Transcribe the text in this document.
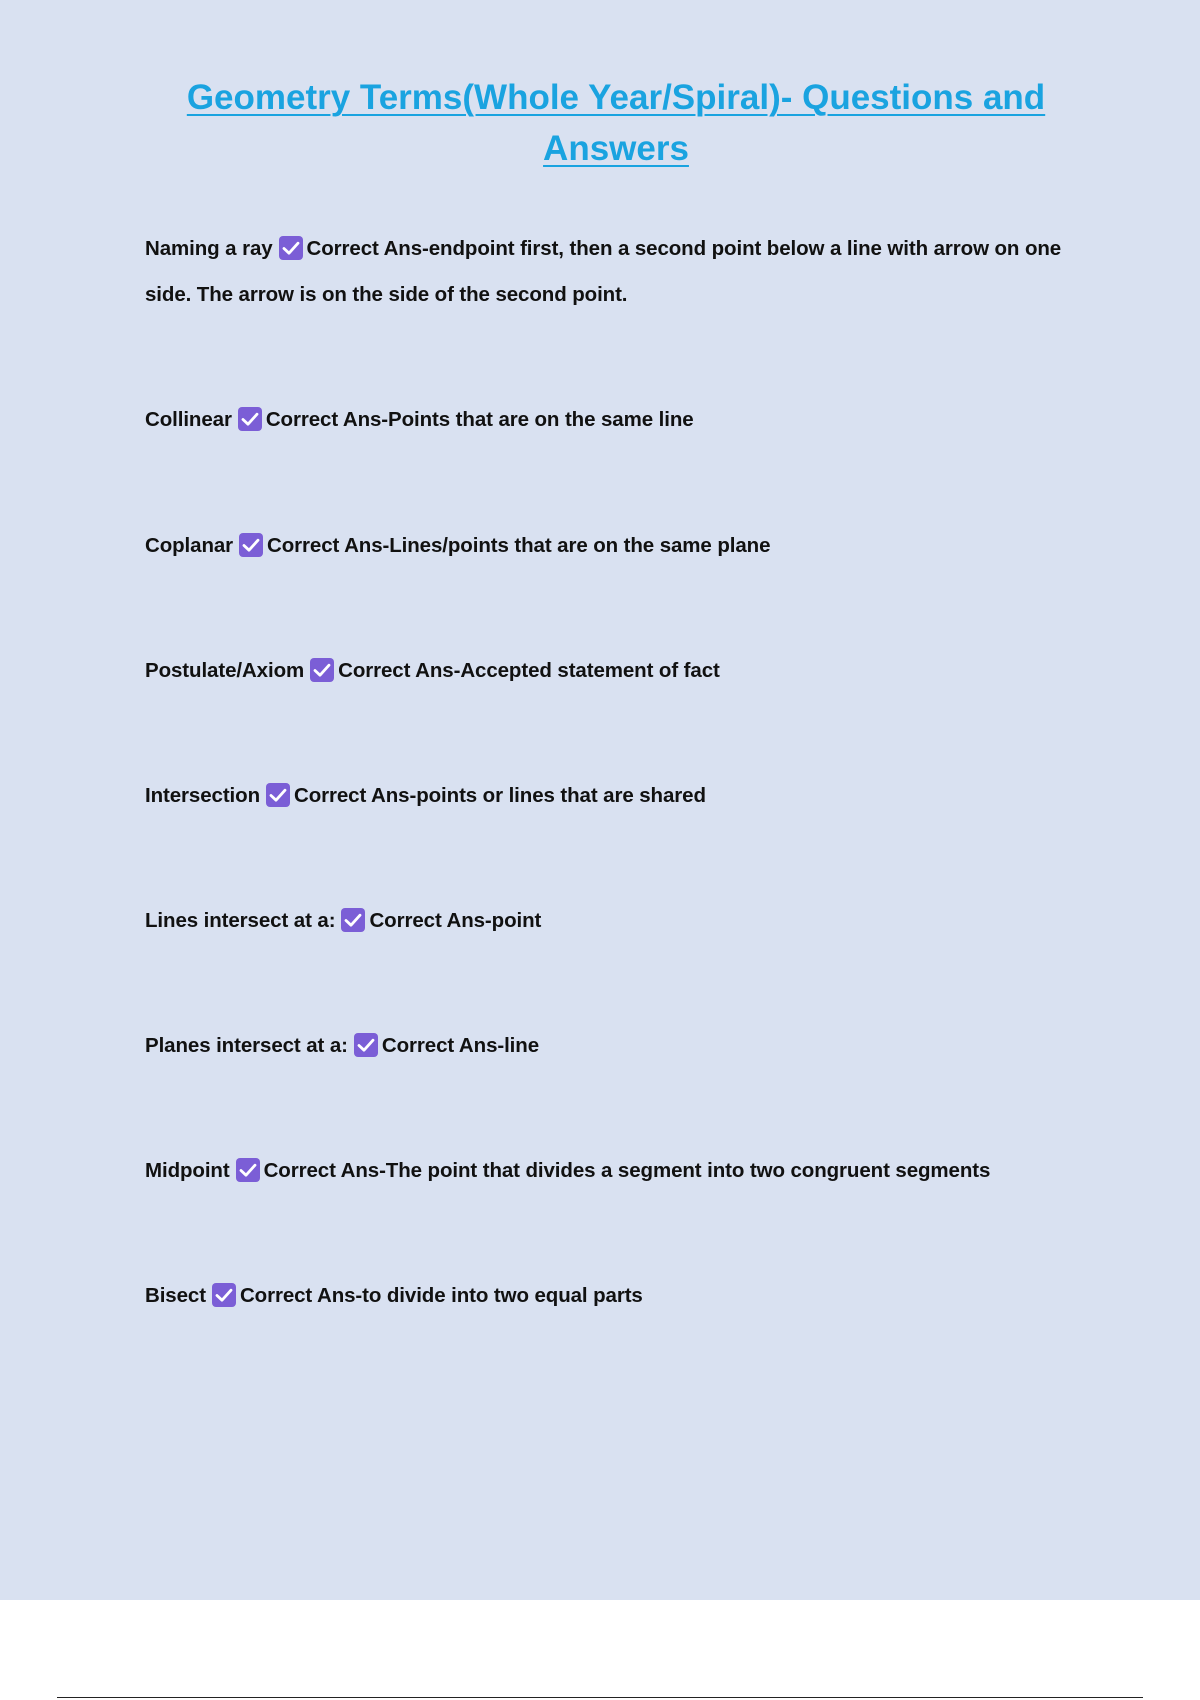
Geometry Terms(Whole Year/Spiral)- Questions and Answers

Naming a ray Correct Ans-endpoint first, then a second point below a line with arrow on one side. The arrow is on the side of the second point.

Collinear Correct Ans-Points that are on the same line

Coplanar Correct Ans-Lines/points that are on the same plane

Postulate/Axiom Correct Ans-Accepted statement of fact

Intersection Correct Ans-points or lines that are shared

Lines intersect at a: Correct Ans-point

Planes intersect at a: Correct Ans-line

Midpoint Correct Ans-The point that divides a segment into two congruent segments

Bisect Correct Ans-to divide into two equal parts
